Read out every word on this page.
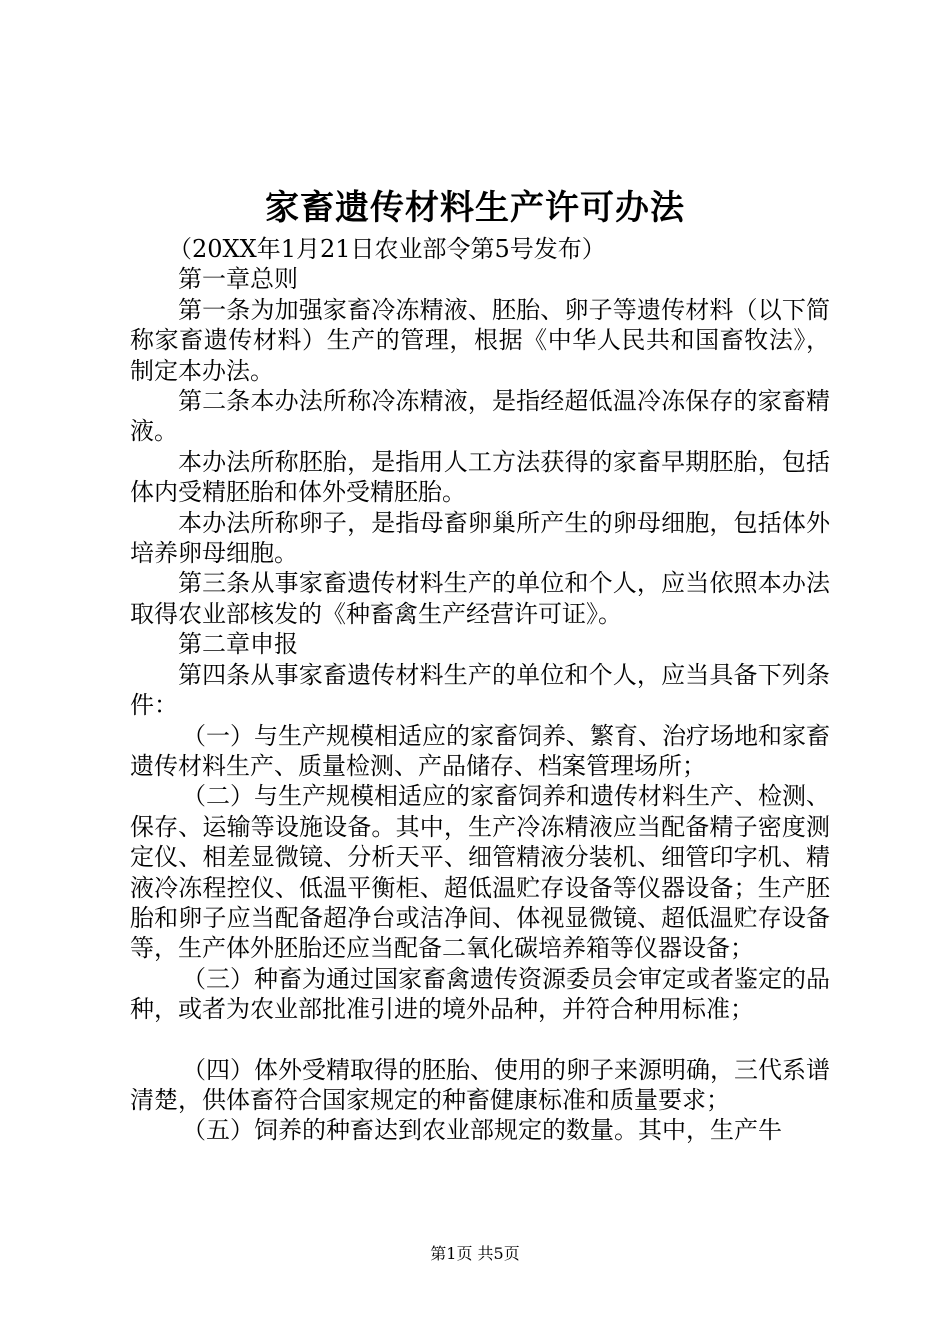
家畜遗传材料生产许可办法

（20XX年1月21日农业部令第5号发布）

第一章总则

第一条为加强家畜冷冻精液、胚胎、卵子等遗传材料（以下简称家畜遗传材料）生产的管理，根据《中华人民共和国畜牧法》，制定本办法。

第二条本办法所称冷冻精液，是指经超低温冷冻保存的家畜精液。

本办法所称胚胎，是指用人工方法获得的家畜早期胚胎，包括体内受精胚胎和体外受精胚胎。

本办法所称卵子，是指母畜卵巢所产生的卵母细胞，包括体外培养卵母细胞。

第三条从事家畜遗传材料生产的单位和个人，应当依照本办法取得农业部核发的《种畜禽生产经营许可证》。

第二章申报

第四条从事家畜遗传材料生产的单位和个人，应当具备下列条件：

（一）与生产规模相适应的家畜饲养、繁育、治疗场地和家畜遗传材料生产、质量检测、产品储存、档案管理场所；

（二）与生产规模相适应的家畜饲养和遗传材料生产、检测、保存、运输等设施设备。其中，生产冷冻精液应当配备精子密度测定仪、相差显微镜、分析天平、细管精液分装机、细管印字机、精液冷冻程控仪、低温平衡柜、超低温贮存设备等仪器设备；生产胚胎和卵子应当配备超净台或洁净间、体视显微镜、超低温贮存设备等，生产体外胚胎还应当配备二氧化碳培养箱等仪器设备；

（三）种畜为通过国家畜禽遗传资源委员会审定或者鉴定的品种，或者为农业部批准引进的境外品种，并符合种用标准；

（四）体外受精取得的胚胎、使用的卵子来源明确，三代系谱清楚，供体畜符合国家规定的种畜健康标准和质量要求；

（五）饲养的种畜达到农业部规定的数量。其中，生产牛

第1页 共5页
